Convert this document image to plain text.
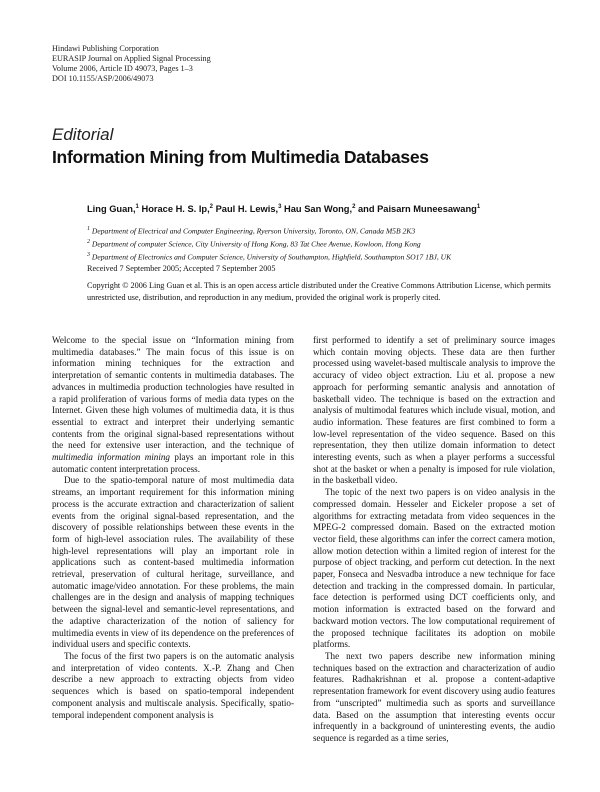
Hindawi Publishing Corporation
EURASIP Journal on Applied Signal Processing
Volume 2006, Article ID 49073, Pages 1–3
DOI 10.1155/ASP/2006/49073
Editorial
Information Mining from Multimedia Databases
Ling Guan,$^1$ Horace H. S. Ip,$^2$ Paul H. Lewis,$^3$ Hau San Wong,$^2$ and Paisarn Muneesawang$^1$
$^1$ Department of Electrical and Computer Engineering, Ryerson University, Toronto, ON, Canada M5B 2K3
$^2$ Department of computer Science, City University of Hong Kong, 83 Tat Chee Avenue, Kowloon, Hong Kong
$^3$ Department of Electronics and Computer Science, University of Southampton, Highfield, Southampton SO17 1BJ, UK
Received 7 September 2005; Accepted 7 September 2005
Copyright © 2006 Ling Guan et al. This is an open access article distributed under the Creative Commons Attribution License, which permits unrestricted use, distribution, and reproduction in any medium, provided the original work is properly cited.

Welcome to the special issue on “Information mining from multimedia databases.” The main focus of this issue is on information mining techniques for the extraction and interpretation of semantic contents in multimedia databases. The advances in multimedia production technologies have resulted in a rapid proliferation of various forms of media data types on the Internet. Given these high volumes of multimedia data, it is thus essential to extract and interpret their underlying semantic contents from the original signal-based representations without the need for extensive user interaction, and the technique of multimedia information mining plays an important role in this automatic content interpretation process.

Due to the spatio-temporal nature of most multimedia data streams, an important requirement for this information mining process is the accurate extraction and characterization of salient events from the original signal-based representation, and the discovery of possible relationships between these events in the form of high-level association rules. The availability of these high-level representations will play an important role in applications such as content-based multimedia information retrieval, preservation of cultural heritage, surveillance, and automatic image/video annotation. For these problems, the main challenges are in the design and analysis of mapping techniques between the signal-level and semantic-level representations, and the adaptive characterization of the notion of saliency for multimedia events in view of its dependence on the preferences of individual users and specific contexts.

The focus of the first two papers is on the automatic analysis and interpretation of video contents. X.-P. Zhang and Chen describe a new approach to extracting objects from video sequences which is based on spatio-temporal independent component analysis and multiscale analysis. Specifically, spatio-temporal independent component analysis is

first performed to identify a set of preliminary source images which contain moving objects. These data are then further processed using wavelet-based multiscale analysis to improve the accuracy of video object extraction. Liu et al. propose a new approach for performing semantic analysis and annotation of basketball video. The technique is based on the extraction and analysis of multimodal features which include visual, motion, and audio information. These features are first combined to form a low-level representation of the video sequence. Based on this representation, they then utilize domain information to detect interesting events, such as when a player performs a successful shot at the basket or when a penalty is imposed for rule violation, in the basketball video.

The topic of the next two papers is on video analysis in the compressed domain. Hesseler and Eickeler propose a set of algorithms for extracting metadata from video sequences in the MPEG-2 compressed domain. Based on the extracted motion vector field, these algorithms can infer the correct camera motion, allow motion detection within a limited region of interest for the purpose of object tracking, and perform cut detection. In the next paper, Fonseca and Nesvadba introduce a new technique for face detection and tracking in the compressed domain. In particular, face detection is performed using DCT coefficients only, and motion information is extracted based on the forward and backward motion vectors. The low computational requirement of the proposed technique facilitates its adoption on mobile platforms.

The next two papers describe new information mining techniques based on the extraction and characterization of audio features. Radhakrishnan et al. propose a content-adaptive representation framework for event discovery using audio features from “unscripted” multimedia such as sports and surveillance data. Based on the assumption that interesting events occur infrequently in a background of uninteresting events, the audio sequence is regarded as a time series,
